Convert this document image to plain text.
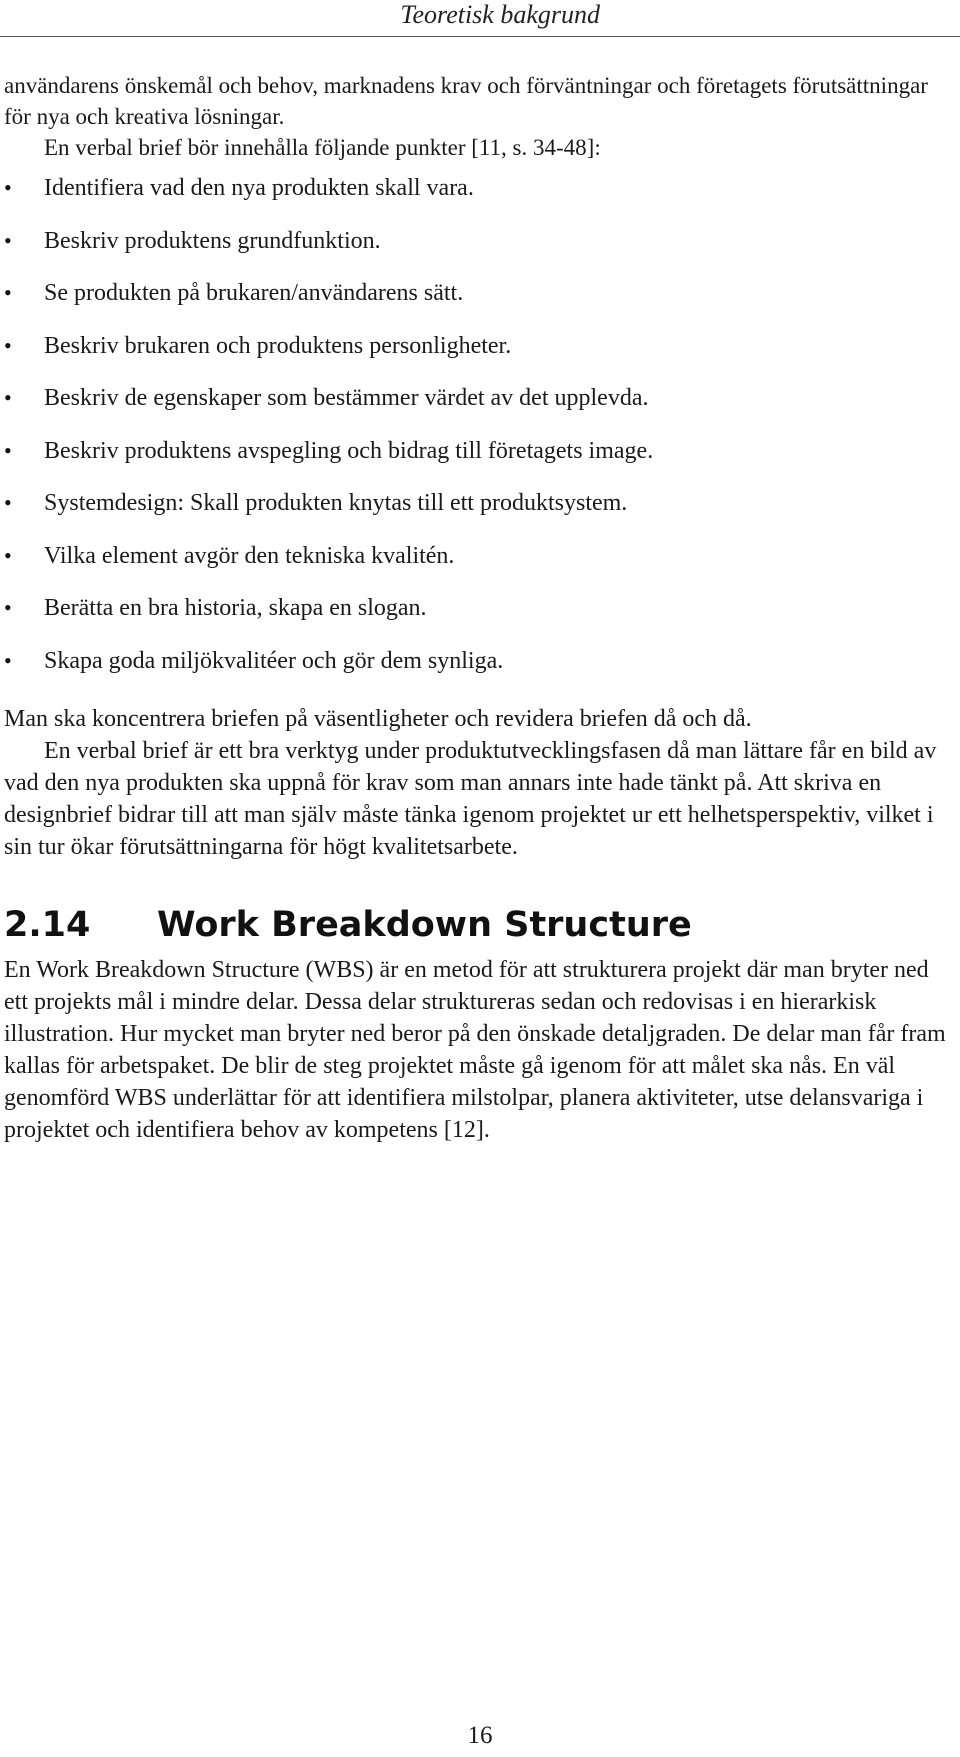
Teoretisk bakgrund

användarens önskemål och behov, marknadens krav och förväntningar och företagets förutsättningar för nya och kreativa lösningar.

En verbal brief bör innehålla följande punkter [11, s. 34-48]:

•	Identifiera vad den nya produkten skall vara.
•	Beskriv produktens grundfunktion.
•	Se produkten på brukaren/användarens sätt.
•	Beskriv brukaren och produktens personligheter.
•	Beskriv de egenskaper som bestämmer värdet av det upplevda.
•	Beskriv produktens avspegling och bidrag till företagets image.
•	Systemdesign: Skall produkten knytas till ett produktsystem.
•	Vilka element avgör den tekniska kvalitén.
•	Berätta en bra historia, skapa en slogan.
•	Skapa goda miljökvalitéer och gör dem synliga.

Man ska koncentrera briefen på väsentligheter och revidera briefen då och då.

En verbal brief är ett bra verktyg under produktutvecklingsfasen då man lättare får en bild av vad den nya produkten ska uppnå för krav som man annars inte hade tänkt på. Att skriva en designbrief bidrar till att man själv måste tänka igenom projektet ur ett helhetsperspektiv, vilket i sin tur ökar förutsättningarna för högt kvalitetsarbete.

2.14	Work Breakdown Structure

En Work Breakdown Structure (WBS) är en metod för att strukturera projekt där man bryter ned ett projekts mål i mindre delar. Dessa delar struktureras sedan och redovisas i en hierarkisk illustration. Hur mycket man bryter ned beror på den önskade detaljgraden. De delar man får fram kallas för arbetspaket. De blir de steg projektet måste gå igenom för att målet ska nås. En väl genomförd WBS underlättar för att identifiera milstolpar, planera aktiviteter, utse delansvariga i projektet och identifiera behov av kompetens [12].

16
